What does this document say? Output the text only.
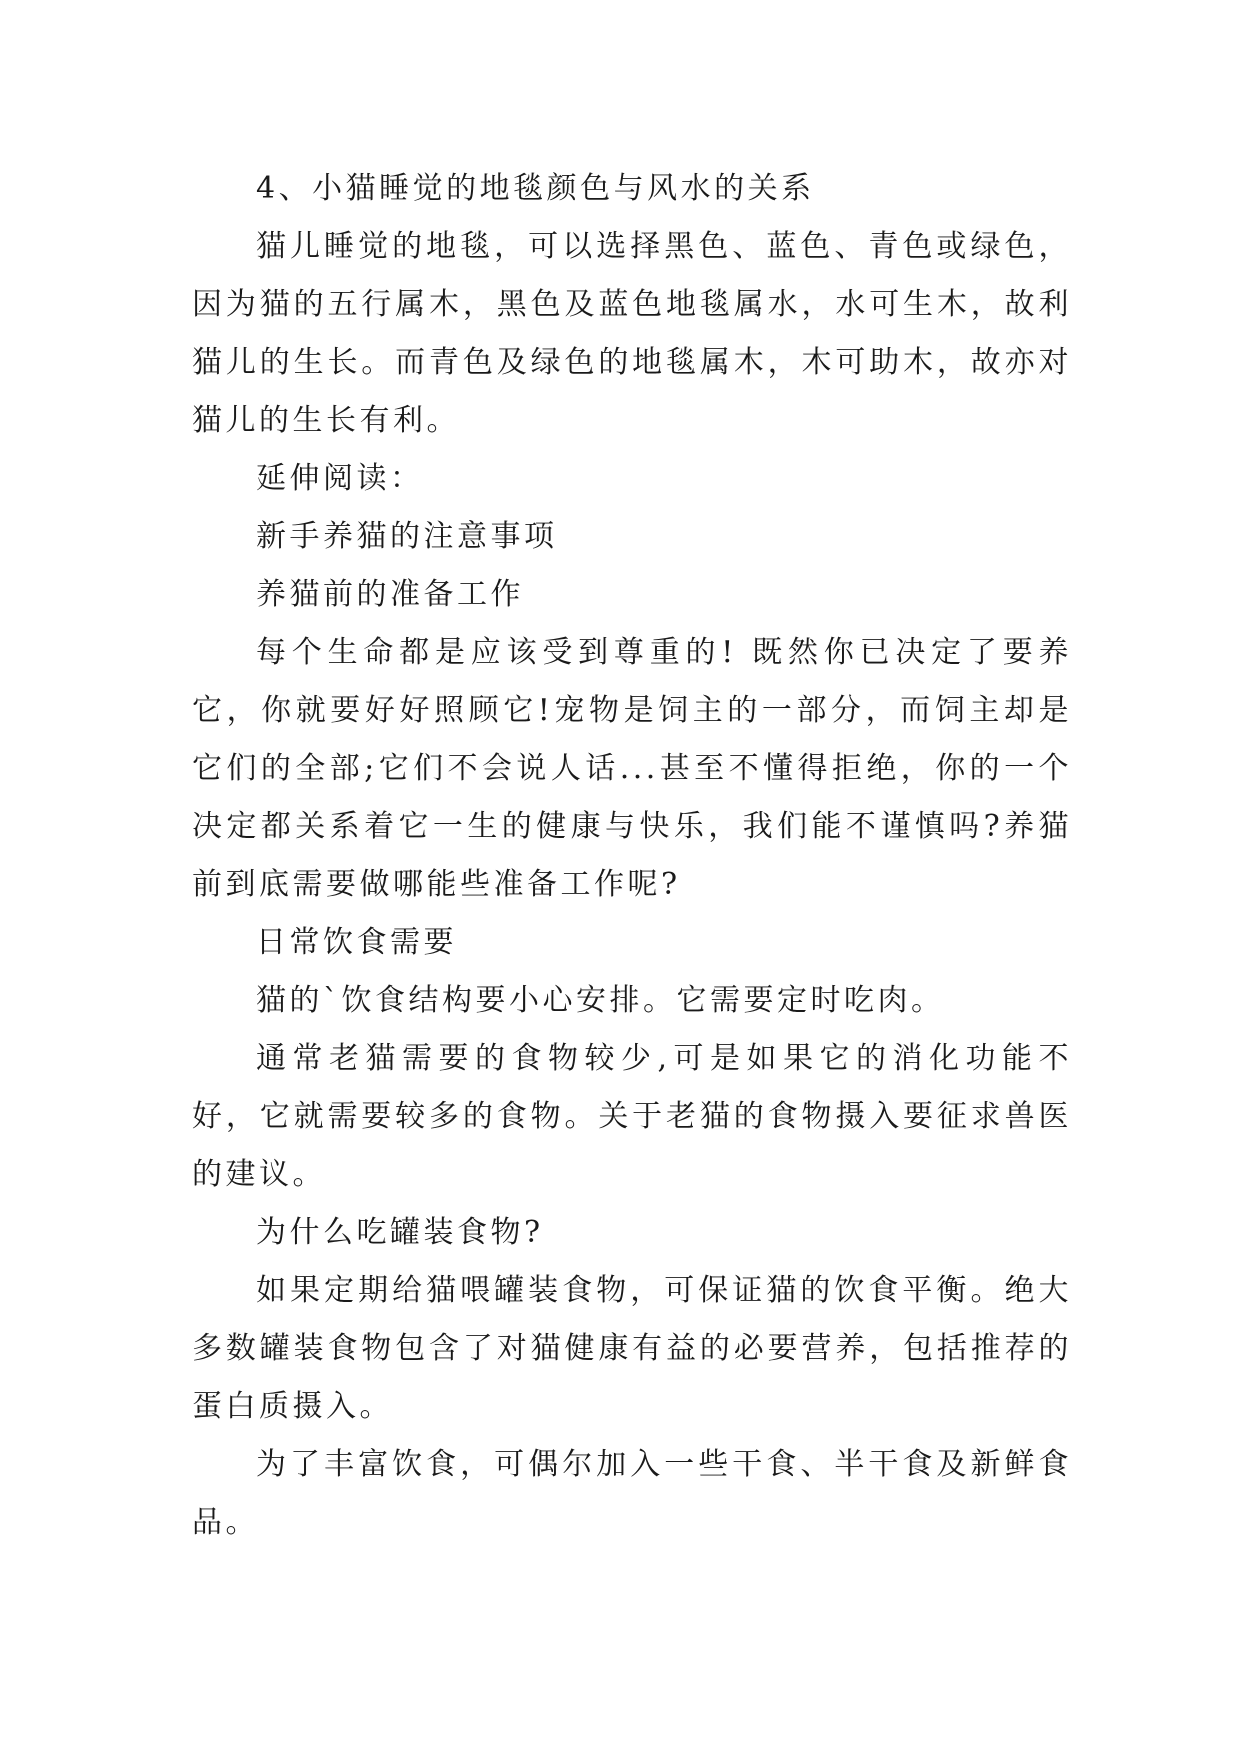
4、小猫睡觉的地毯颜色与风水的关系

猫儿睡觉的地毯，可以选择黑色、蓝色、青色或绿色，因为猫的五行属木，黑色及蓝色地毯属水，水可生木，故利猫儿的生长。而青色及绿色的地毯属木，木可助木，故亦对猫儿的生长有利。

延伸阅读：

新手养猫的注意事项

养猫前的准备工作

每个生命都是应该受到尊重的! 既然你已决定了要养它，你就要好好照顾它!宠物是饲主的一部分，而饲主却是它们的全部;它们不会说人话...甚至不懂得拒绝，你的一个决定都关系着它一生的健康与快乐，我们能不谨慎吗?养猫前到底需要做哪能些准备工作呢?

日常饮食需要

猫的`饮食结构要小心安排。它需要定时吃肉。

通常老猫需要的食物较少,可是如果它的消化功能不好，它就需要较多的食物。关于老猫的食物摄入要征求兽医的建议。

为什么吃罐装食物?

如果定期给猫喂罐装食物，可保证猫的饮食平衡。绝大多数罐装食物包含了对猫健康有益的必要营养，包括推荐的蛋白质摄入。

为了丰富饮食，可偶尔加入一些干食、半干食及新鲜食品。
